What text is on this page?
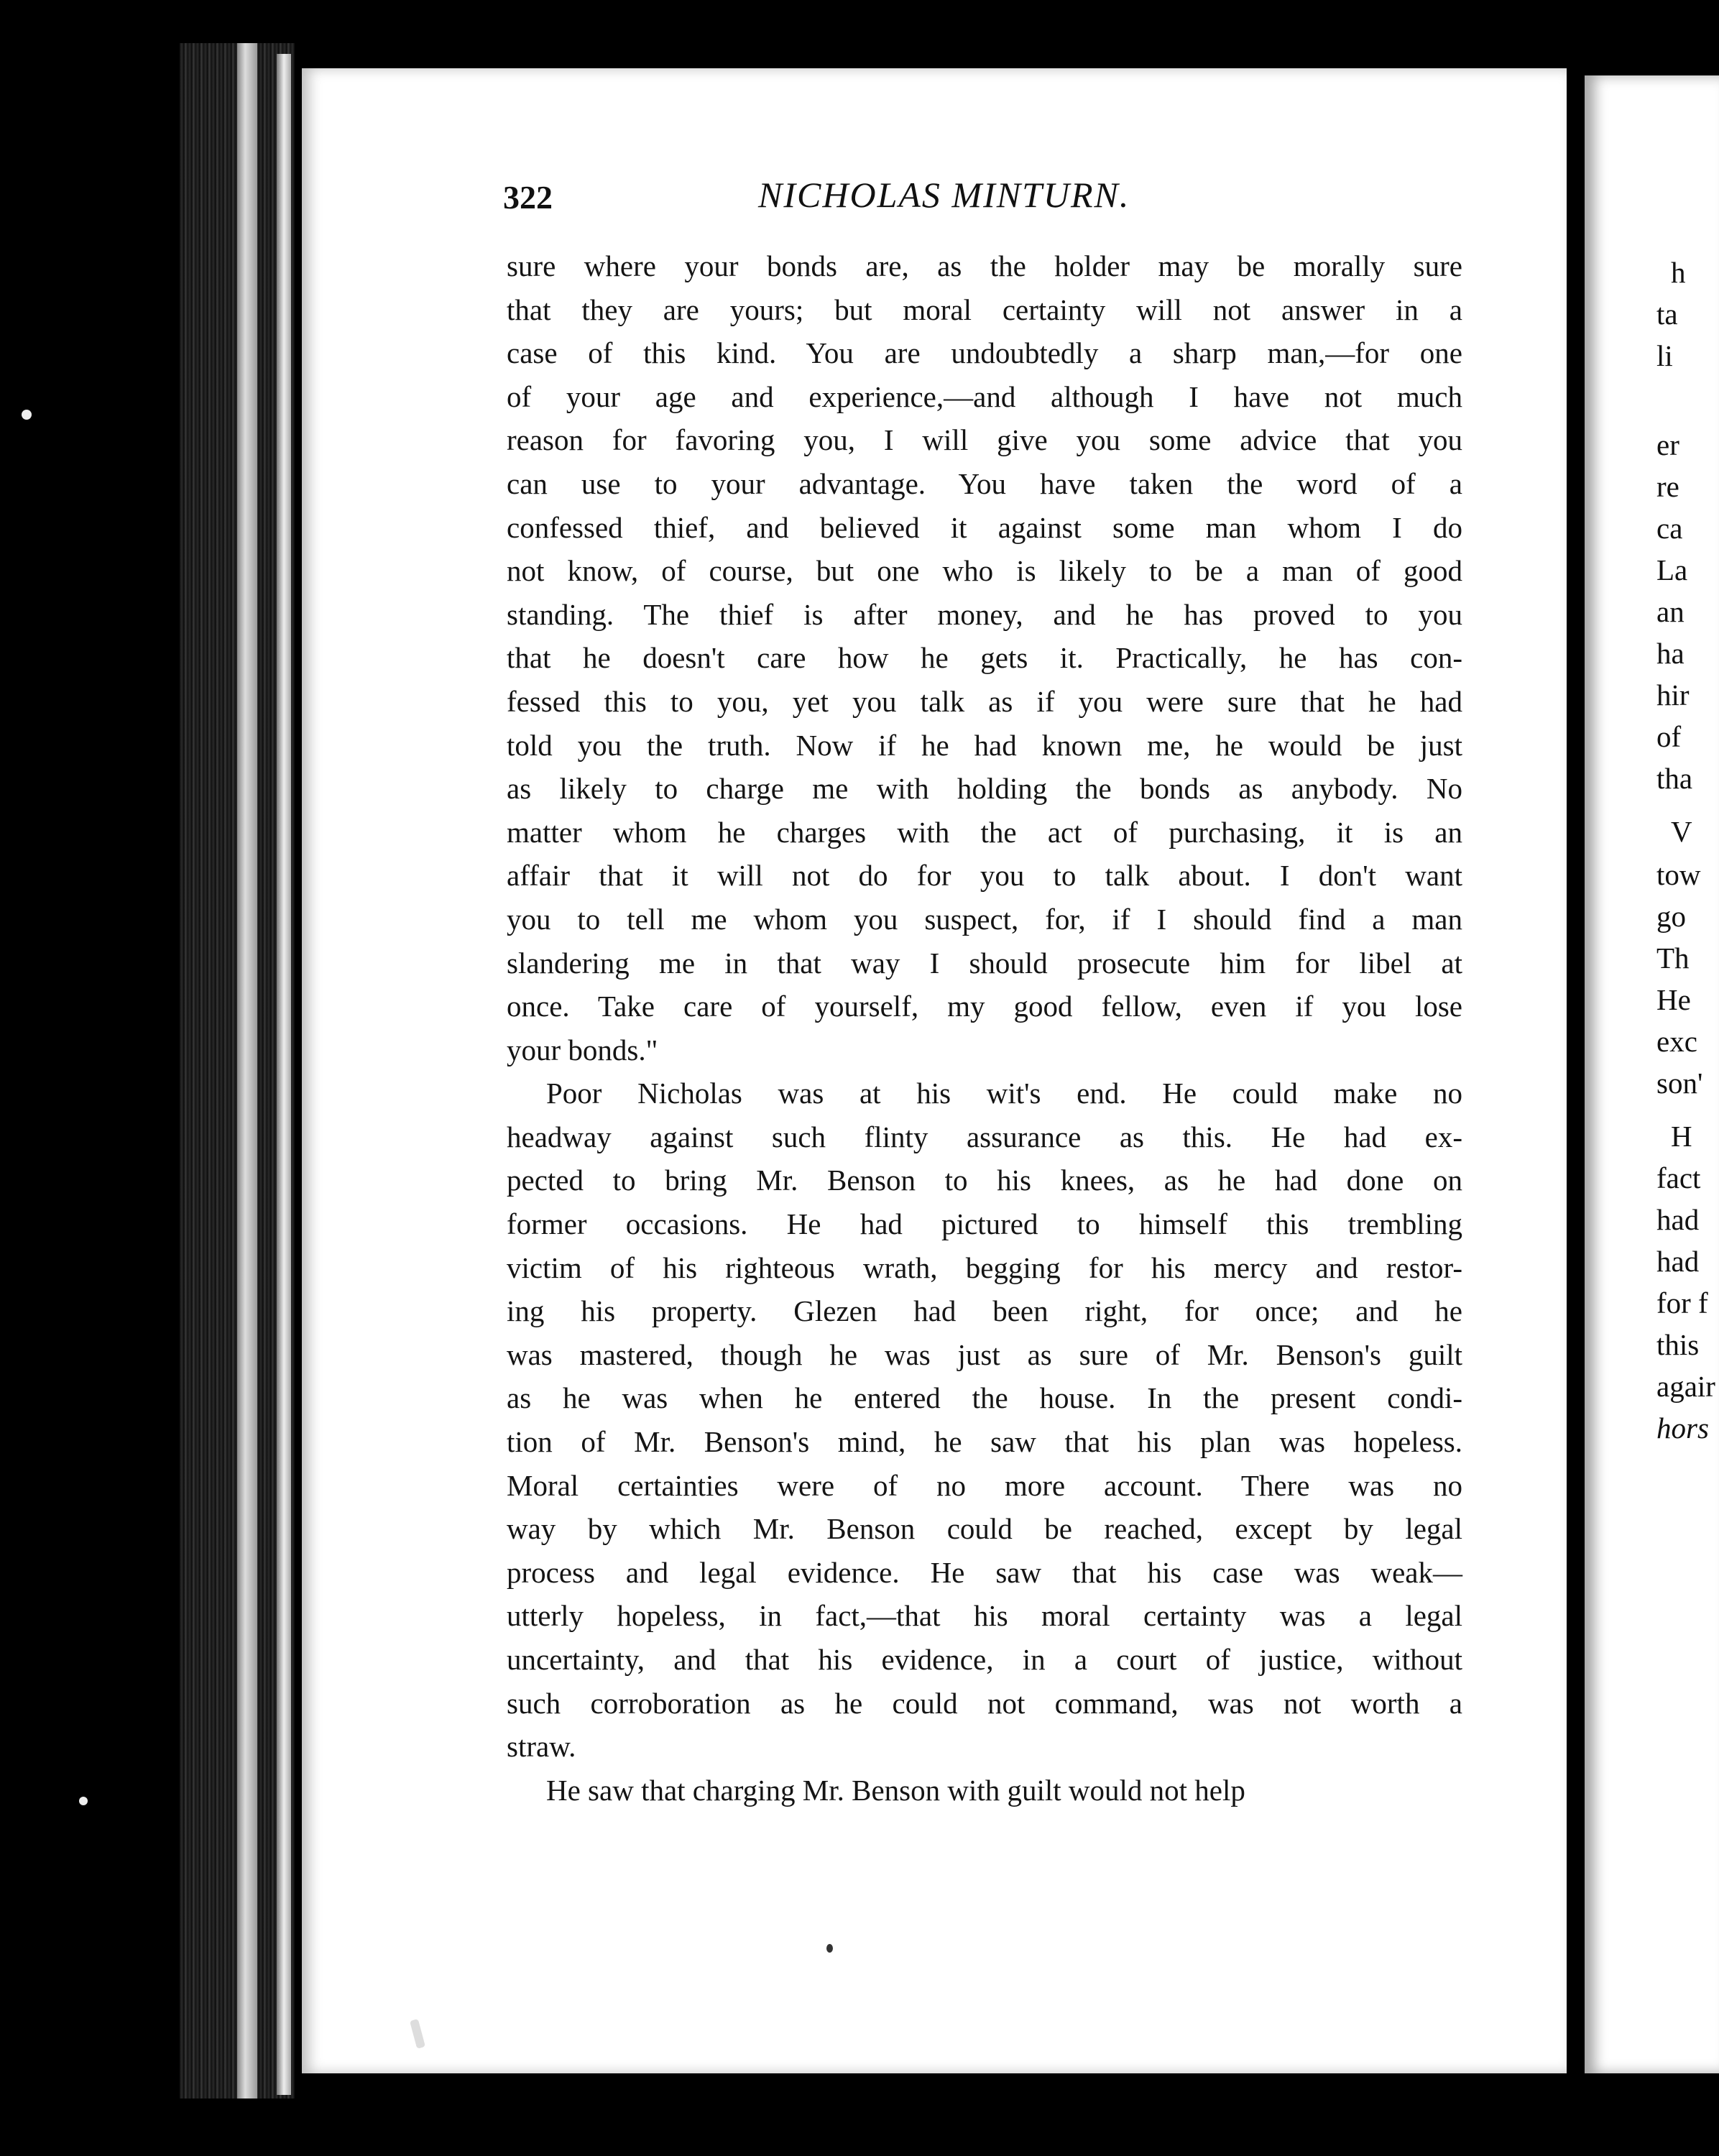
322	NICHOLAS MINTURN.
sure where your bonds are, as the holder may be morally sure
that they are yours; but moral certainty will not answer in a
case of this kind. You are undoubtedly a sharp man,—for one
of your age and experience,—and although I have not much
reason for favoring you, I will give you some advice that you
can use to your advantage. You have taken the word of a
confessed thief, and believed it against some man whom I do
not know, of course, but one who is likely to be a man of good
standing. The thief is after money, and he has proved to you
that he doesn't care how he gets it. Practically, he has con-
fessed this to you, yet you talk as if you were sure that he had
told you the truth. Now if he had known me, he would be just
as likely to charge me with holding the bonds as anybody. No
matter whom he charges with the act of purchasing, it is an
affair that it will not do for you to talk about. I don't want
you to tell me whom you suspect, for, if I should find a man
slandering me in that way I should prosecute him for libel at
once. Take care of yourself, my good fellow, even if you lose
your bonds."
Poor Nicholas was at his wit's end. He could make no
headway against such flinty assurance as this. He had ex-
pected to bring Mr. Benson to his knees, as he had done on
former occasions. He had pictured to himself this trembling
victim of his righteous wrath, begging for his mercy and restor-
ing his property. Glezen had been right, for once; and he
was mastered, though he was just as sure of Mr. Benson's guilt
as he was when he entered the house. In the present condi-
tion of Mr. Benson's mind, he saw that his plan was hopeless.
Moral certainties were of no more account. There was no
way by which Mr. Benson could be reached, except by legal
process and legal evidence. He saw that his case was weak—
utterly hopeless, in fact,—that his moral certainty was a legal
uncertainty, and that his evidence, in a court of justice, without
such corroboration as he could not command, was not worth a
straw.
He saw that charging Mr. Benson with guilt would not help
h
ta
li
er
re
ca
La
an
ha
hir
of
tha
V
tow
go
Th
He
exc
son'
H
fact
had
had
for f
this
agair
hors
